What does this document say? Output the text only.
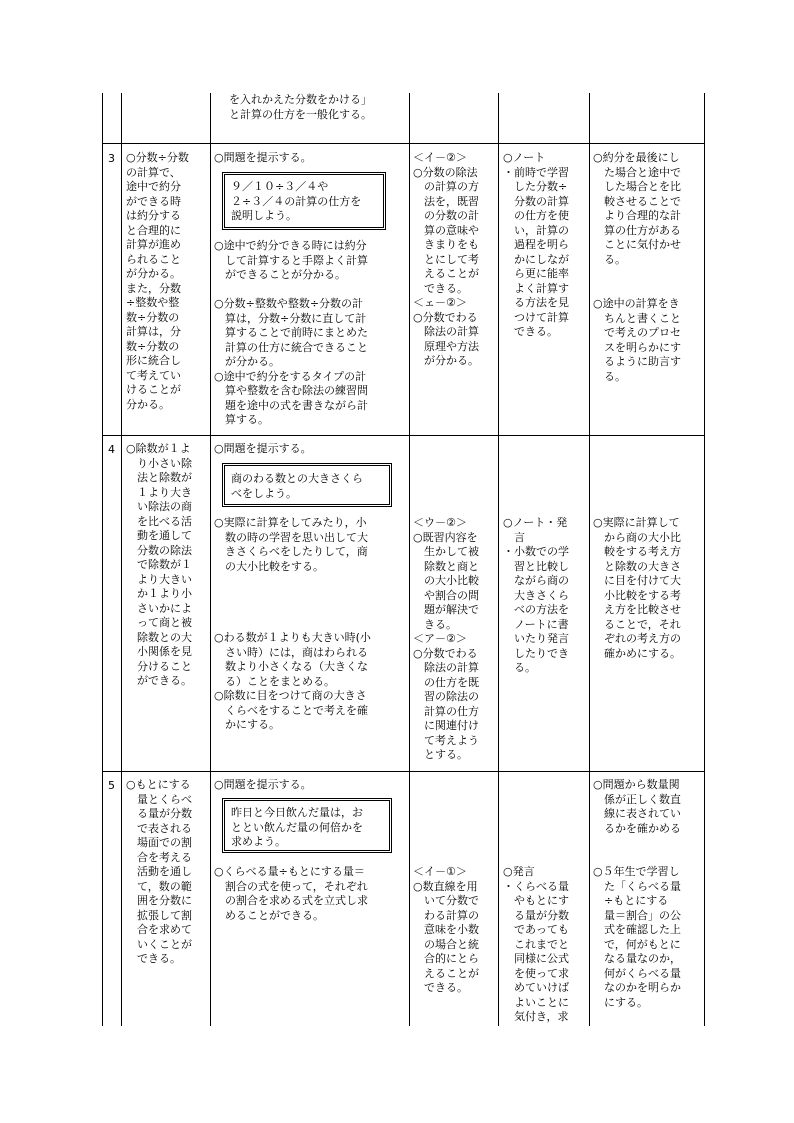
を入れかえた分数をかける」
と計算の仕方を一般化する。
3 ○分数÷分数
の計算で、
途中で約分
ができる時
は約分する
と合理的に
計算が進め
られること
が分かる。
また，分数
÷整数や整
数÷分数の
計算は，分
数÷分数の
形に統合し
て考えてい
けることが
分かる。
○問題を提示する。
９／１０÷３／４や
２÷３／４の計算の仕方を
説明しよう。
○途中で約分できる時には約分
　して計算すると手際よく計算
　ができることが分かる。
○分数÷整数や整数÷分数の計
　算は，分数÷分数に直して計
　算することで前時にまとめた
　計算の仕方に統合できること
　が分かる。
○途中で約分をするタイプの計
　算や整数を含む除法の練習問
　題を途中の式を書きながら計
　算する。
＜イ－②＞
○分数の除法
　の計算の方
　法を，既習
　の分数の計
　算の意味や
　きまりをも
　とにして考
　えることが
　できる。
＜ェ－②＞
○分数でわる
　除法の計算
　原理や方法
　が分かる。
○ノート
・前時で学習
　した分数÷
　分数の計算
　の仕方を使
　い，計算の
　過程を明ら
　かにしなが
　ら更に能率
　よく計算す
　る方法を見
　つけて計算
　できる。
○約分を最後にし
　た場合と途中で
　した場合とを比
　較させることで
　より合理的な計
　算の仕方がある
　ことに気付かせ
　る。
○途中の計算をき
　ちんと書くこと
　で考えのプロセ
　スを明らかにす
　るように助言す
　る。
4 ○除数が１よ
　り小さい除
　法と除数が
　１より大き
　い除法の商
　を比べる活
　動を通して
　分数の除法
　で除数が１
　より大きい
　か１より小
　さいかによ
　って商と被
　除数との大
　小関係を見
　分けること
　ができる。
○問題を提示する。
商のわる数との大きさくら
べをしよう。
○実際に計算をしてみたり，小
　数の時の学習を思い出して大
　きさくらべをしたりして，商
　の大小比較をする。
○わる数が１よりも大きい時(小
　さい時）には，商はわられる
　数より小さくなる（大きくな
　る）ことをまとめる。
○除数に目をつけて商の大きさ
　くらべをすることで考えを確
　かにする。
＜ウ－②＞
○既習内容を
　生かして被
　除数と商と
　の大小比較
　や割合の問
　題が解決で
　きる。
＜ア－②＞
○分数でわる
　除法の計算
　の仕方を既
　習の除法の
　計算の仕方
　に関連付け
　て考えよう
　とする。
○ノート・発
　言
・小数での学
　習と比較し
　ながら商の
　大きさくら
　べの方法を
　ノートに書
　いたり発言
　したりでき
　る。
○実際に計算して
　から商の大小比
　較をする考え方
　と除数の大きさ
　に目を付けて大
　小比較をする考
　え方を比較させ
　ることで，それ
　ぞれの考え方の
　確かめにする。
5 ○もとにする
　量とくらべ
　る量が分数
　で表される
　場面での割
　合を考える
　活動を通し
　て，数の範
　囲を分数に
　拡張して割
　合を求めて
　いくことが
　できる。
○問題を提示する。
昨日と今日飲んだ量は，お
ととい飲んだ量の何倍かを
求めよう。
○くらべる量÷もとにする量＝
　割合の式を使って，それぞれ
　の割合を求める式を立式し求
　めることができる。
＜イ－①＞
○数直線を用
　いて分数で
　わる計算の
　意味を小数
　の場合と統
　合的にとら
　えることが
　できる。
○発言
・くらべる量
　やもとにす
　る量が分数
　であっても
　これまでと
　同様に公式
　を使って求
　めていけば
　よいことに
　気付き，求
○問題から数量関
　係が正しく数直
　線に表されてい
　るかを確かめる
○５年生で学習し
　た「くらべる量
　÷もとにする
　量＝割合」の公
　式を確認した上
　で，何がもとに
　なる量なのか，
　何がくらべる量
　なのかを明らか
　にする。
